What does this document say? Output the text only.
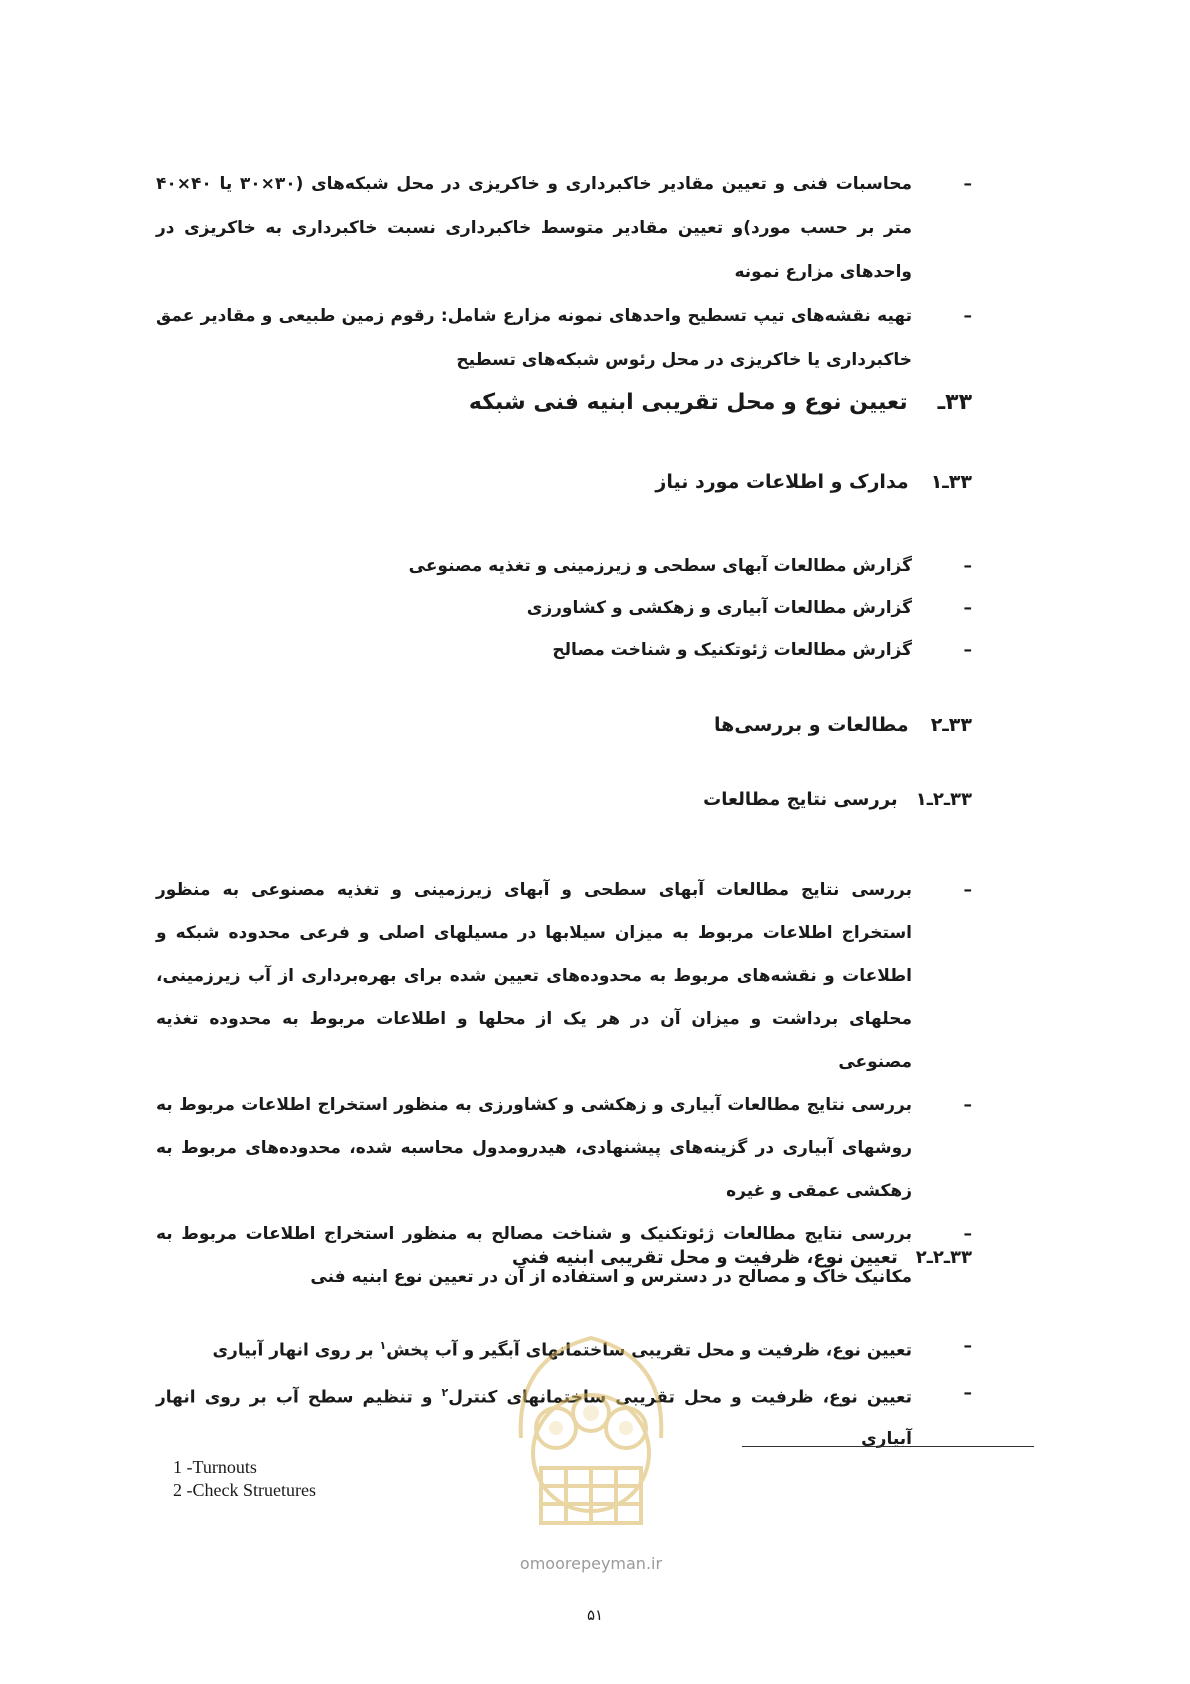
–
محاسبات فنی و تعیین مقادیر خاکبرداری و خاکریزی در محل شبکه‌های (۳۰×۳۰ یا ۴۰×۴۰ متر بر حسب مورد)و تعیین مقادیر متوسط خاکبرداری نسبت خاکبرداری به خاکریزی در واحدهای مزارع نمونه

–
تهیه نقشه‌های تیپ تسطیح واحدهای نمونه مزارع شامل: رقوم زمین طبیعی و مقادیر عمق خاکبرداری یا خاکریزی در محل رئوس شبکه‌های تسطیح

۳۳ـتعیین نوع و محل تقریبی ابنیه فنی شبکه
۳۳ـ۱مدارک و اطلاعات مورد نیاز

–
گزارش مطالعات آبهای سطحی و زیرزمینی و تغذیه مصنوعی

–
گزارش مطالعات آبیاری و زهکشی و کشاورزی

–
گزارش مطالعات ژئوتکنیک و شناخت مصالح

۳۳ـ۲مطالعات و بررسی‌ها
۳۳ـ۲ـ۱بررسی نتایج مطالعات

–
بررسی نتایج مطالعات آبهای سطحی و آبهای زیرزمینی و تغذیه مصنوعی به منظور استخراج اطلاعات مربوط به میزان سیلابها در مسیلهای اصلی و فرعی محدوده شبکه و اطلاعات و نقشه‌های مربوط به محدوده‌های تعیین شده برای بهره‌برداری از آب زیرزمینی، محلهای برداشت و میزان آن در هر یک از محلها و اطلاعات مربوط به محدوده تغذیه مصنوعی

–
بررسی نتایج مطالعات آبیاری و زهکشی و کشاورزی به منظور استخراج اطلاعات مربوط به روشهای آبیاری در گزینه‌های پیشنهادی، هیدرومدول محاسبه شده، محدوده‌های مربوط به زهکشی عمقی و غیره

–
بررسی نتایج مطالعات ژئوتکنیک و شناخت مصالح به منظور استخراج اطلاعات مربوط به مکانیک خاک و مصالح در دسترس و استفاده از آن در تعیین نوع ابنیه فنی

۳۳ـ۲ـ۲تعیین نوع، ظرفیت و محل تقریبی ابنیه فنی

–
تعیین نوع، ظرفیت و محل تقریبی ساختمانهای آبگیر و آب پخش$^۱$ بر روی انهار آبیاری

–
تعیین نوع، ظرفیت و محل تقریبی ساختمانهای کنترل$^۲$ و تنظیم سطح آب بر روی انهار آبیاری

1 -Turnouts
2 -Check Struetures
omoorepeyman.ir
۵۱
